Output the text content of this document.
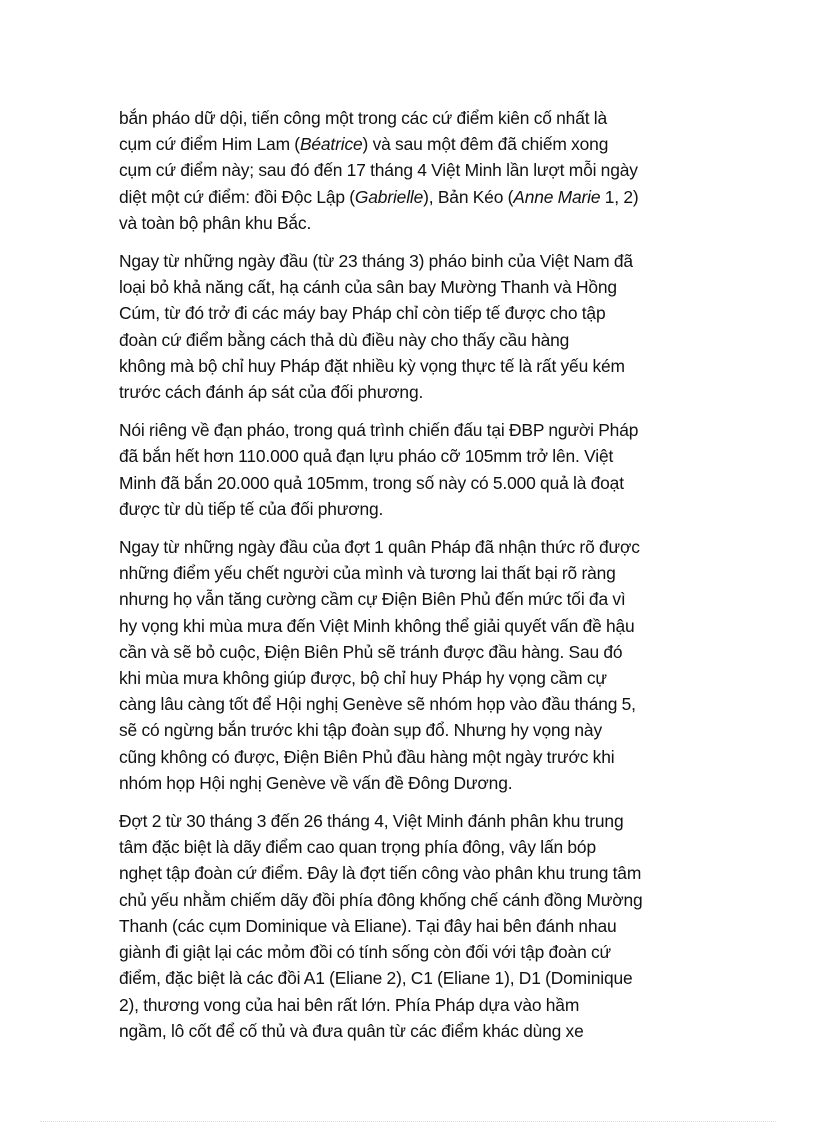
bắn pháo dữ dội, tiến công một trong các cứ điểm kiên cố nhất là
cụm cứ điểm Him Lam (Béatrice) và sau một đêm đã chiếm xong
cụm cứ điểm này; sau đó đến 17 tháng 4 Việt Minh lần lượt mỗi ngày
diệt một cứ điểm: đồi Độc Lập (Gabrielle), Bản Kéo (Anne Marie 1, 2)
và toàn bộ phân khu Bắc.

Ngay từ những ngày đầu (từ 23 tháng 3) pháo binh của Việt Nam đã
loại bỏ khả năng cất, hạ cánh của sân bay Mường Thanh và Hồng
Cúm, từ đó trở đi các máy bay Pháp chỉ còn tiếp tế được cho tập
đoàn cứ điểm bằng cách thả dù điều này cho thấy cầu hàng
không mà bộ chỉ huy Pháp đặt nhiều kỳ vọng thực tế là rất yếu kém
trước cách đánh áp sát của đối phương.

Nói riêng về đạn pháo, trong quá trình chiến đấu tại ĐBP người Pháp
đã bắn hết hơn 110.000 quả đạn lựu pháo cỡ 105mm trở lên. Việt
Minh đã bắn 20.000 quả 105mm, trong số này có 5.000 quả là đoạt
được từ dù tiếp tế của đối phương.

Ngay từ những ngày đầu của đợt 1 quân Pháp đã nhận thức rõ được
những điểm yếu chết người của mình và tương lai thất bại rõ ràng
nhưng họ vẫn tăng cường cầm cự Điện Biên Phủ đến mức tối đa vì
hy vọng khi mùa mưa đến Việt Minh không thể giải quyết vấn đề hậu
cần và sẽ bỏ cuộc, Điện Biên Phủ sẽ tránh được đầu hàng. Sau đó
khi mùa mưa không giúp được, bộ chỉ huy Pháp hy vọng cầm cự
càng lâu càng tốt để Hội nghị Genève sẽ nhóm họp vào đầu tháng 5,
sẽ có ngừng bắn trước khi tập đoàn sụp đổ. Nhưng hy vọng này
cũng không có được, Điện Biên Phủ đầu hàng một ngày trước khi
nhóm họp Hội nghị Genève về vấn đề Đông Dương.

Đợt 2 từ 30 tháng 3 đến 26 tháng 4, Việt Minh đánh phân khu trung
tâm đặc biệt là dãy điểm cao quan trọng phía đông, vây lấn bóp
nghẹt tập đoàn cứ điểm. Đây là đợt tiến công vào phân khu trung tâm
chủ yếu nhằm chiếm dãy đồi phía đông khống chế cánh đồng Mường
Thanh (các cụm Dominique và Eliane). Tại đây hai bên đánh nhau
giành đi giật lại các mỏm đồi có tính sống còn đối với tập đoàn cứ
điểm, đặc biệt là các đồi A1 (Eliane 2), C1 (Eliane 1), D1 (Dominique
2), thương vong của hai bên rất lớn. Phía Pháp dựa vào hầm
ngầm, lô cốt để cố thủ và đưa quân từ các điểm khác dùng xe
